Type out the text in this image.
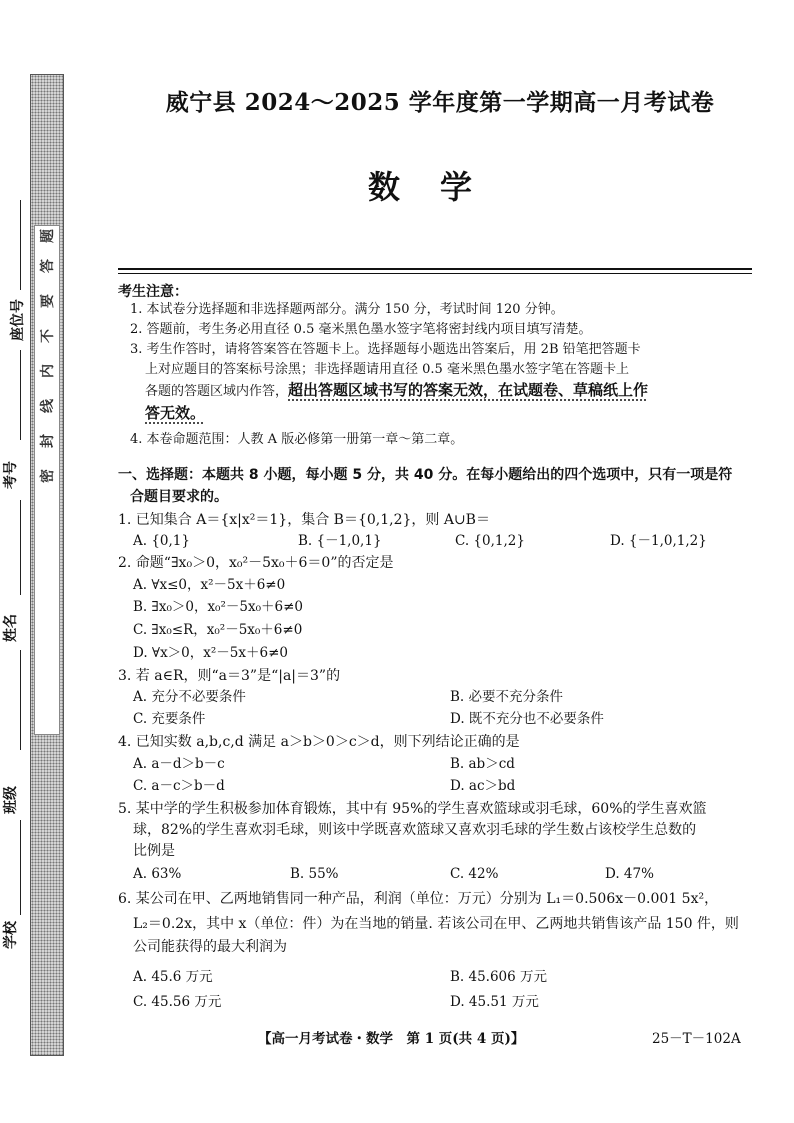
密
封
线
内
不
要
答
题
座位号
考号
姓名
班级
学校
威宁县 2024～2025 学年度第一学期高一月考试卷
数学
考生注意：
1. 本试卷分选择题和非选择题两部分。满分 150 分，考试时间 120 分钟。
2. 答题前，考生务必用直径 0.5 毫米黑色墨水签字笔将密封线内项目填写清楚。
3. 考生作答时，请将答案答在答题卡上。选择题每小题选出答案后，用 2B 铅笔把答题卡
上对应题目的答案标号涂黑；非选择题请用直径 0.5 毫米黑色墨水签字笔在答题卡上
各题的答题区域内作答，超出答题区域书写的答案无效，在试题卷、草稿纸上作
答无效。
4. 本卷命题范围：人教 A 版必修第一册第一章～第二章。
一、选择题：本题共 8 小题，每小题 5 分，共 40 分。在每小题给出的四个选项中，只有一项是符
合题目要求的。
1. 已知集合 A＝{x|x²＝1}，集合 B＝{0,1,2}，则 A∪B＝
A. {0,1}	B. {－1,0,1}	C. {0,1,2}	D. {－1,0,1,2}
2. 命题“∃x₀＞0，x₀²－5x₀＋6＝0”的否定是
A. ∀x≤0，x²－5x＋6≠0
B. ∃x₀＞0，x₀²－5x₀＋6≠0
C. ∃x₀≤R，x₀²－5x₀＋6≠0
D. ∀x＞0，x²－5x＋6≠0
3. 若 a∈R，则“a＝3”是“|a|＝3”的
A. 充分不必要条件	B. 必要不充分条件
C. 充要条件	D. 既不充分也不必要条件
4. 已知实数 a,b,c,d 满足 a＞b＞0＞c＞d，则下列结论正确的是
A. a－d＞b－c	B. ab＞cd
C. a－c＞b－d	D. ac＞bd
5. 某中学的学生积极参加体育锻炼，其中有 95%的学生喜欢篮球或羽毛球，60%的学生喜欢篮
球，82%的学生喜欢羽毛球，则该中学既喜欢篮球又喜欢羽毛球的学生数占该校学生总数的
比例是
A. 63%	B. 55%	C. 42%	D. 47%
6. 某公司在甲、乙两地销售同一种产品，利润（单位：万元）分别为 L₁＝0.506x－0.001 5x²，
L₂＝0.2x，其中 x（单位：件）为在当地的销量. 若该公司在甲、乙两地共销售该产品 150 件，则
公司能获得的最大利润为
A. 45.6 万元	B. 45.606 万元
C. 45.56 万元	D. 45.51 万元
【高一月考试卷・数学　第 1 页(共 4 页)】	25－T－102A
